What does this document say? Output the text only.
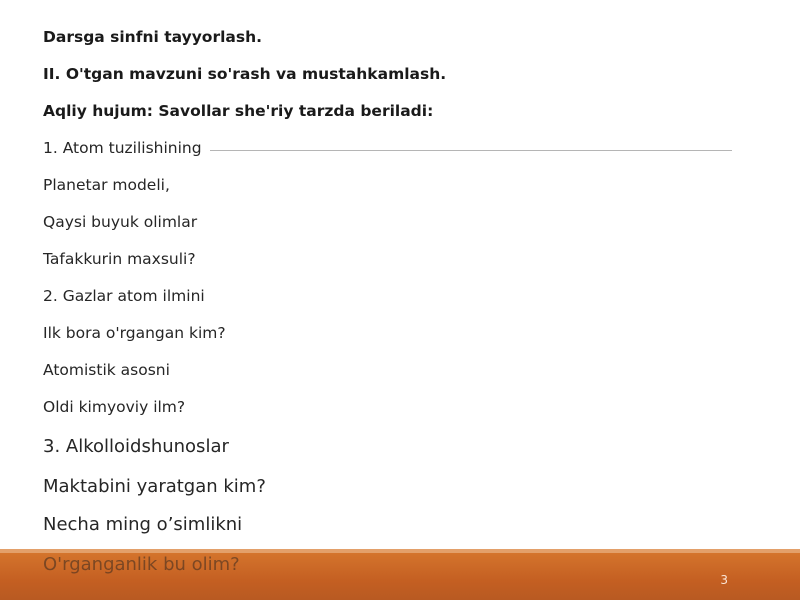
Darsga sinfni tayyorlash.
II. O'tgan mavzuni so'rash va mustahkamlash.
Aqliy hujum: Savollar she'riy tarzda beriladi:
1. Atom tuzilishining
Planetar modeli,
Qaysi buyuk olimlar
Tafakkurin maxsuli?
2. Gazlar atom ilmini
Ilk bora o'rgangan kim?
Atomistik asosni
Oldi kimyoviy ilm?
3. Alkolloidshunoslar
Maktabini yaratgan kim?
Necha ming o’simlikni
O'rganganlik bu olim?
3
